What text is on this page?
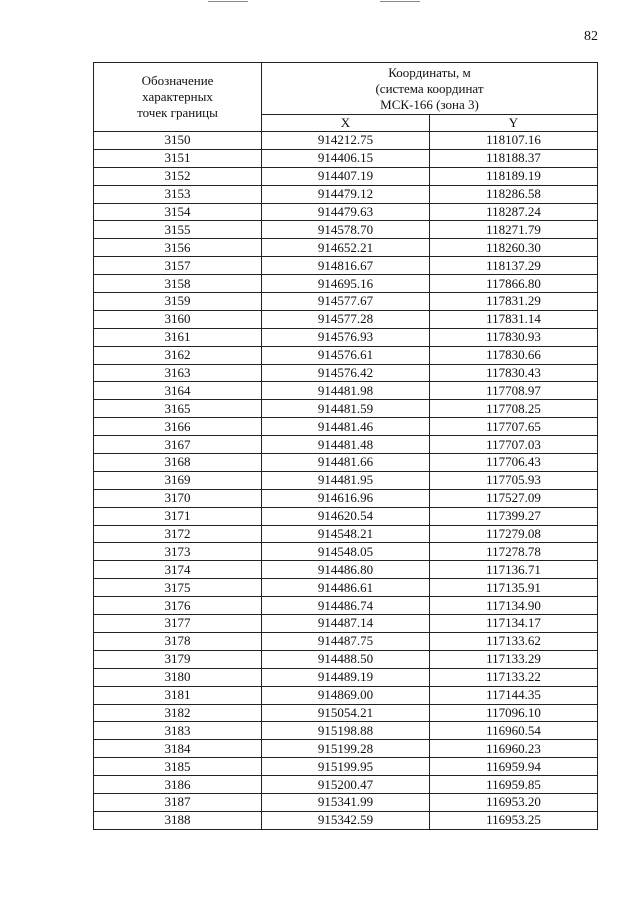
82
Обозначение
характерных
точек границы	Координаты, м
(система координат
МСК-166 (зона 3)	

	X	Y
3150	914212.75	118107.16
3151	914406.15	118188.37
3152	914407.19	118189.19
3153	914479.12	118286.58
3154	914479.63	118287.24
3155	914578.70	118271.79
3156	914652.21	118260.30
3157	914816.67	118137.29
3158	914695.16	117866.80
3159	914577.67	117831.29
3160	914577.28	117831.14
3161	914576.93	117830.93
3162	914576.61	117830.66
3163	914576.42	117830.43
3164	914481.98	117708.97
3165	914481.59	117708.25
3166	914481.46	117707.65
3167	914481.48	117707.03
3168	914481.66	117706.43
3169	914481.95	117705.93
3170	914616.96	117527.09
3171	914620.54	117399.27
3172	914548.21	117279.08
3173	914548.05	117278.78
3174	914486.80	117136.71
3175	914486.61	117135.91
3176	914486.74	117134.90
3177	914487.14	117134.17
3178	914487.75	117133.62
3179	914488.50	117133.29
3180	914489.19	117133.22
3181	914869.00	117144.35
3182	915054.21	117096.10
3183	915198.88	116960.54
3184	915199.28	116960.23
3185	915199.95	116959.94
3186	915200.47	116959.85
3187	915341.99	116953.20
3188	915342.59	116953.25
